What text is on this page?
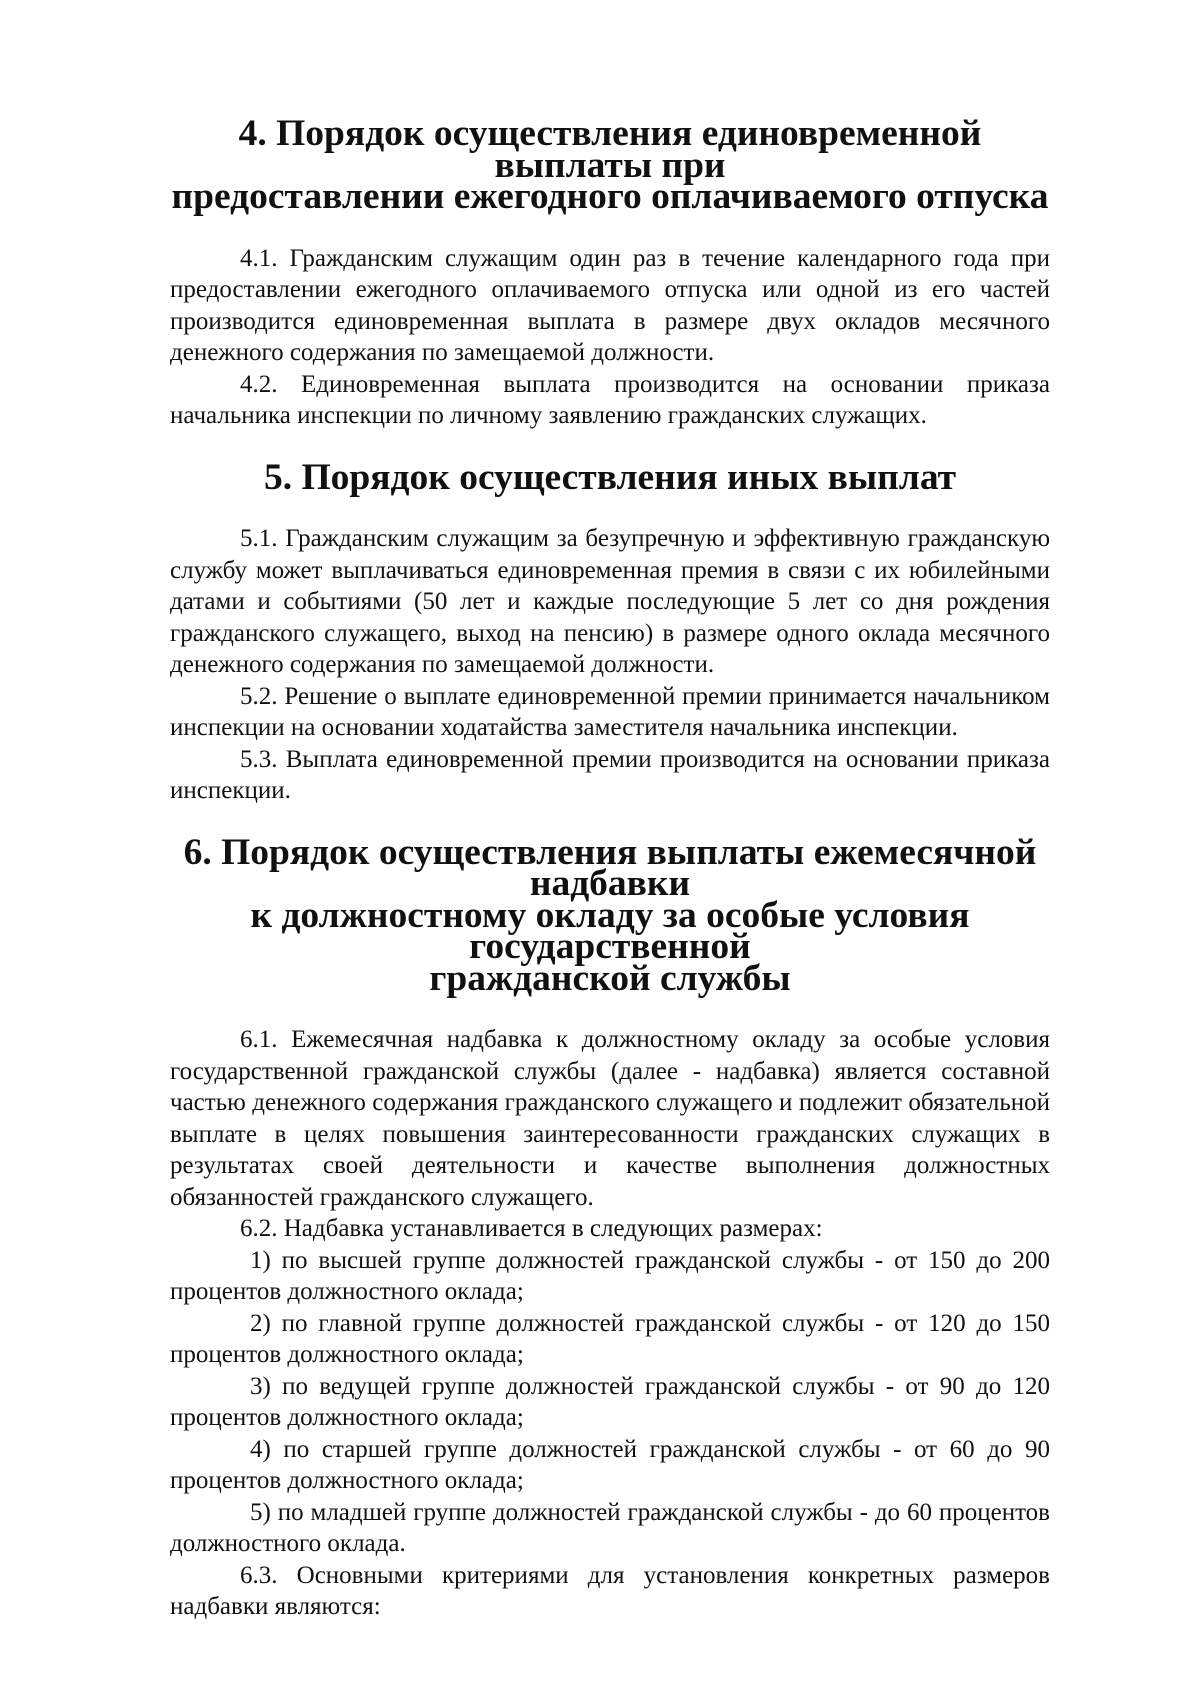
4. Порядок осуществления единовременной выплаты при
предоставлении ежегодного оплачиваемого отпуска

4.1. Гражданским служащим один раз в течение календарного года при предоставлении ежегодного оплачиваемого отпуска или одной из его частей производится единовременная выплата в размере двух окладов месячного денежного содержания по замещаемой должности.

4.2. Единовременная выплата производится на основании приказа начальника инспекции по личному заявлению гражданских служащих.

5. Порядок осуществления иных выплат

5.1. Гражданским служащим за безупречную и эффективную гражданскую службу может выплачиваться единовременная премия в связи с их юбилейными датами и событиями (50 лет и каждые последующие 5 лет со дня рождения гражданского служащего, выход на пенсию) в размере одного оклада месячного денежного содержания по замещаемой должности.

5.2. Решение о выплате единовременной премии принимается начальником инспекции на основании ходатайства заместителя начальника инспекции.

5.3. Выплата единовременной премии производится на основании приказа инспекции.

6. Порядок осуществления выплаты ежемесячной надбавки
к должностному окладу за особые условия государственной
гражданской службы

6.1. Ежемесячная надбавка к должностному окладу за особые условия государственной гражданской службы (далее - надбавка) является составной частью денежного содержания гражданского служащего и подлежит обязательной выплате в целях повышения заинтересованности гражданских служащих в результатах своей деятельности и качестве выполнения должностных обязанностей гражданского служащего.

6.2. Надбавка устанавливается в следующих размерах:

1) по высшей группе должностей гражданской службы - от 150 до 200 процентов должностного оклада;

2) по главной группе должностей гражданской службы - от 120 до 150 процентов должностного оклада;

3) по ведущей группе должностей гражданской службы - от 90 до 120 процентов должностного оклада;

4) по старшей группе должностей гражданской службы - от 60 до 90 процентов должностного оклада;

5) по младшей группе должностей гражданской службы - до 60 процентов должностного оклада.

6.3. Основными критериями для установления конкретных размеров надбавки являются:
